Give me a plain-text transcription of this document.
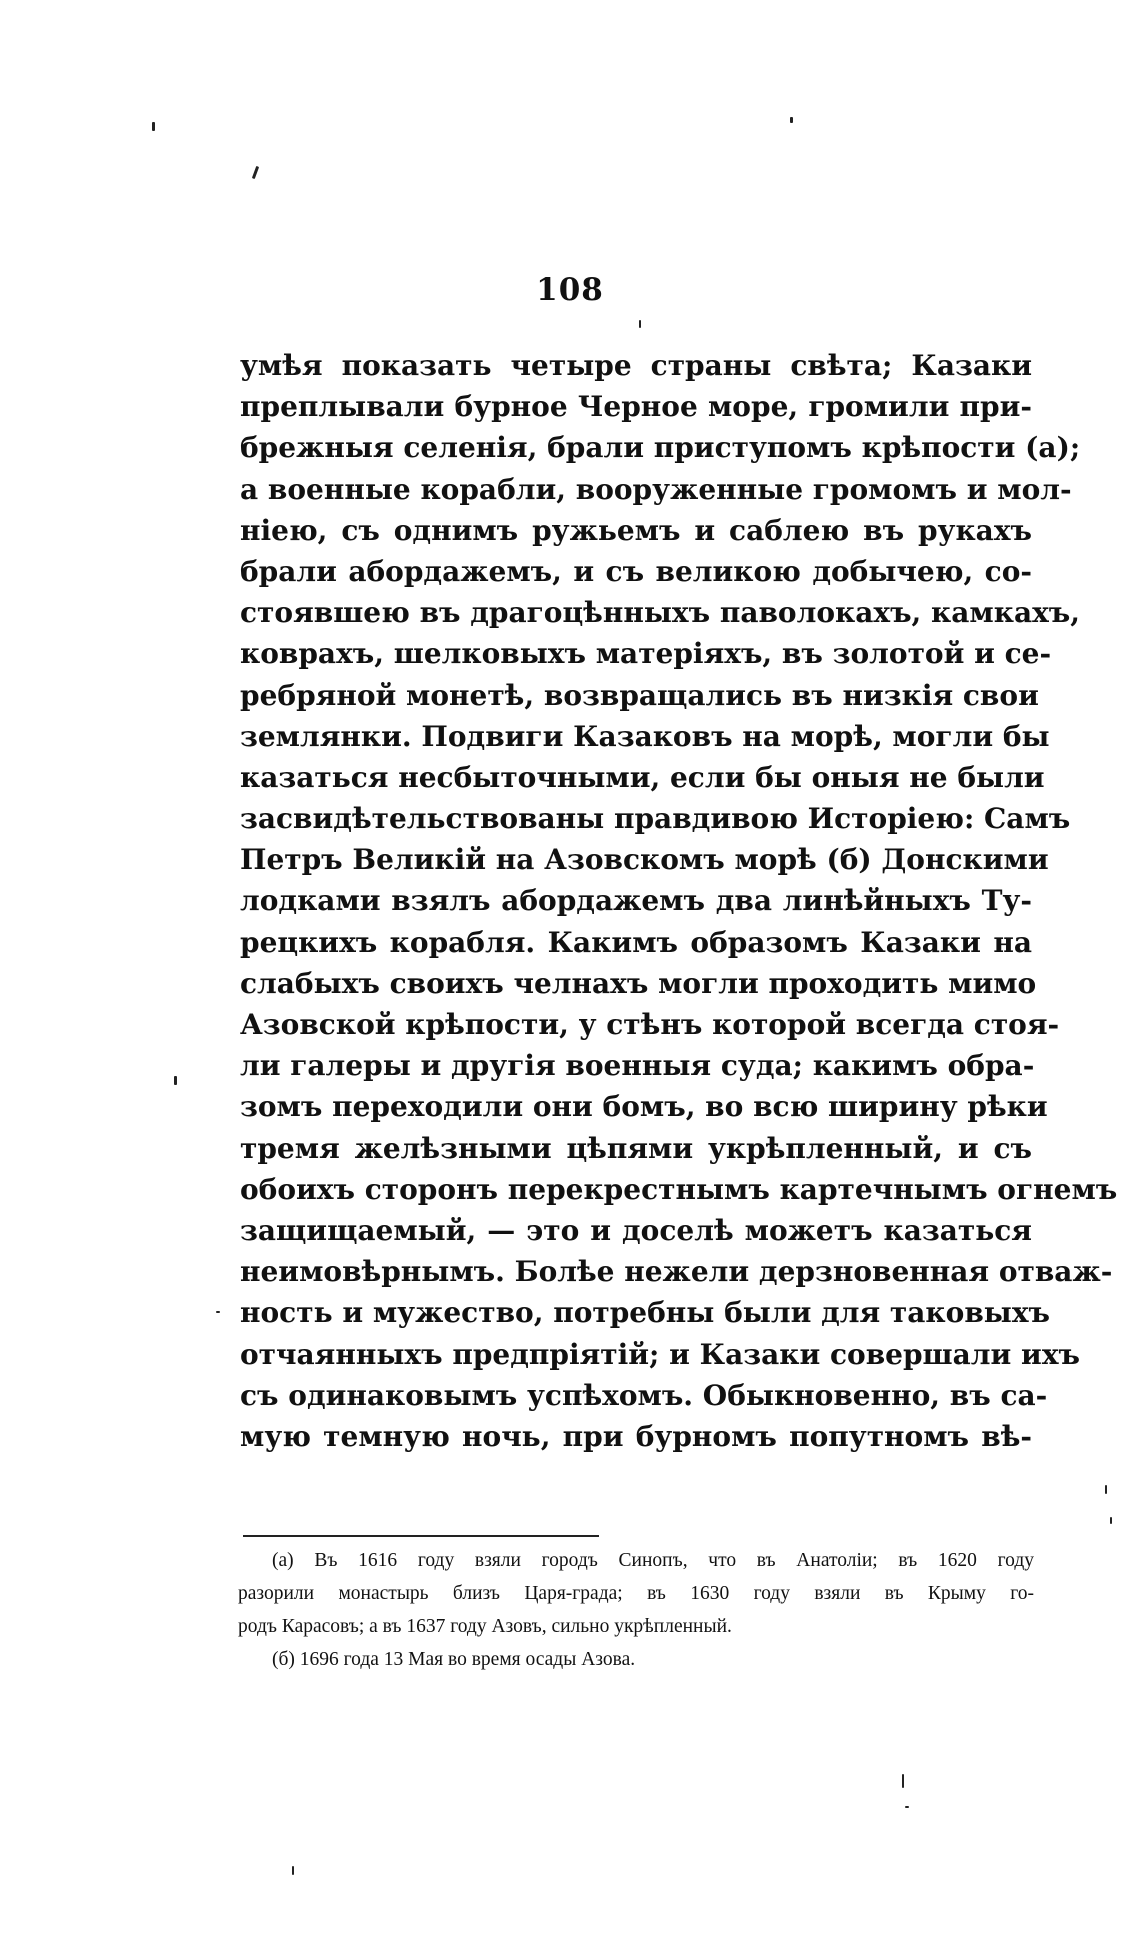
108
умѣя показать четыре страны свѣта; Казаки
преплывали бурное Черное море, громили при-
брежныя селенія, брали приступомъ крѣпости (а);
а военные корабли, вооруженные громомъ и мол-
ніею, съ однимъ ружьемъ и саблею въ рукахъ
брали абордажемъ, и съ великою добычею, со-
стоявшею въ драгоцѣнныхъ паволокахъ, камкахъ,
коврахъ, шелковыхъ матеріяхъ, въ золотой и се-
ребряной монетѣ, возвращались въ низкія свои
землянки. Подвиги Казаковъ на морѣ, могли бы
казаться несбыточными, если бы оныя не были
засвидѣтельствованы правдивою Исторіею: Самъ
Петръ Великій на Азовскомъ морѣ (б) Донскими
лодками взялъ абордажемъ два линѣйныхъ Ту-
рецкихъ корабля. Какимъ образомъ Казаки на
слабыхъ своихъ челнахъ могли проходить мимо
Азовской крѣпости, у стѣнъ которой всегда стоя-
ли галеры и другія военныя суда; какимъ обра-
зомъ переходили они бомъ, во всю ширину рѣки
тремя желѣзными цѣпями укрѣпленный, и съ
обоихъ сторонъ перекрестнымъ картечнымъ огнемъ
защищаемый, — это и доселѣ можетъ казаться
неимовѣрнымъ. Болѣе нежели дерзновенная отваж-
ность и мужество, потребны были для таковыхъ
отчаянныхъ предпріятій; и Казаки совершали ихъ
съ одинаковымъ успѣхомъ. Обыкновенно, въ са-
мую темную ночь, при бурномъ попутномъ вѣ-
(а) Въ 1616 году взяли городъ Синопъ, что въ Анатоліи; въ 1620 году
разорили монастырь близъ Царя-града; въ 1630 году взяли въ Крыму го-
родъ Карасовъ; а въ 1637 году Азовъ, сильно укрѣпленный.
(б) 1696 года 13 Мая во время осады Азова.
